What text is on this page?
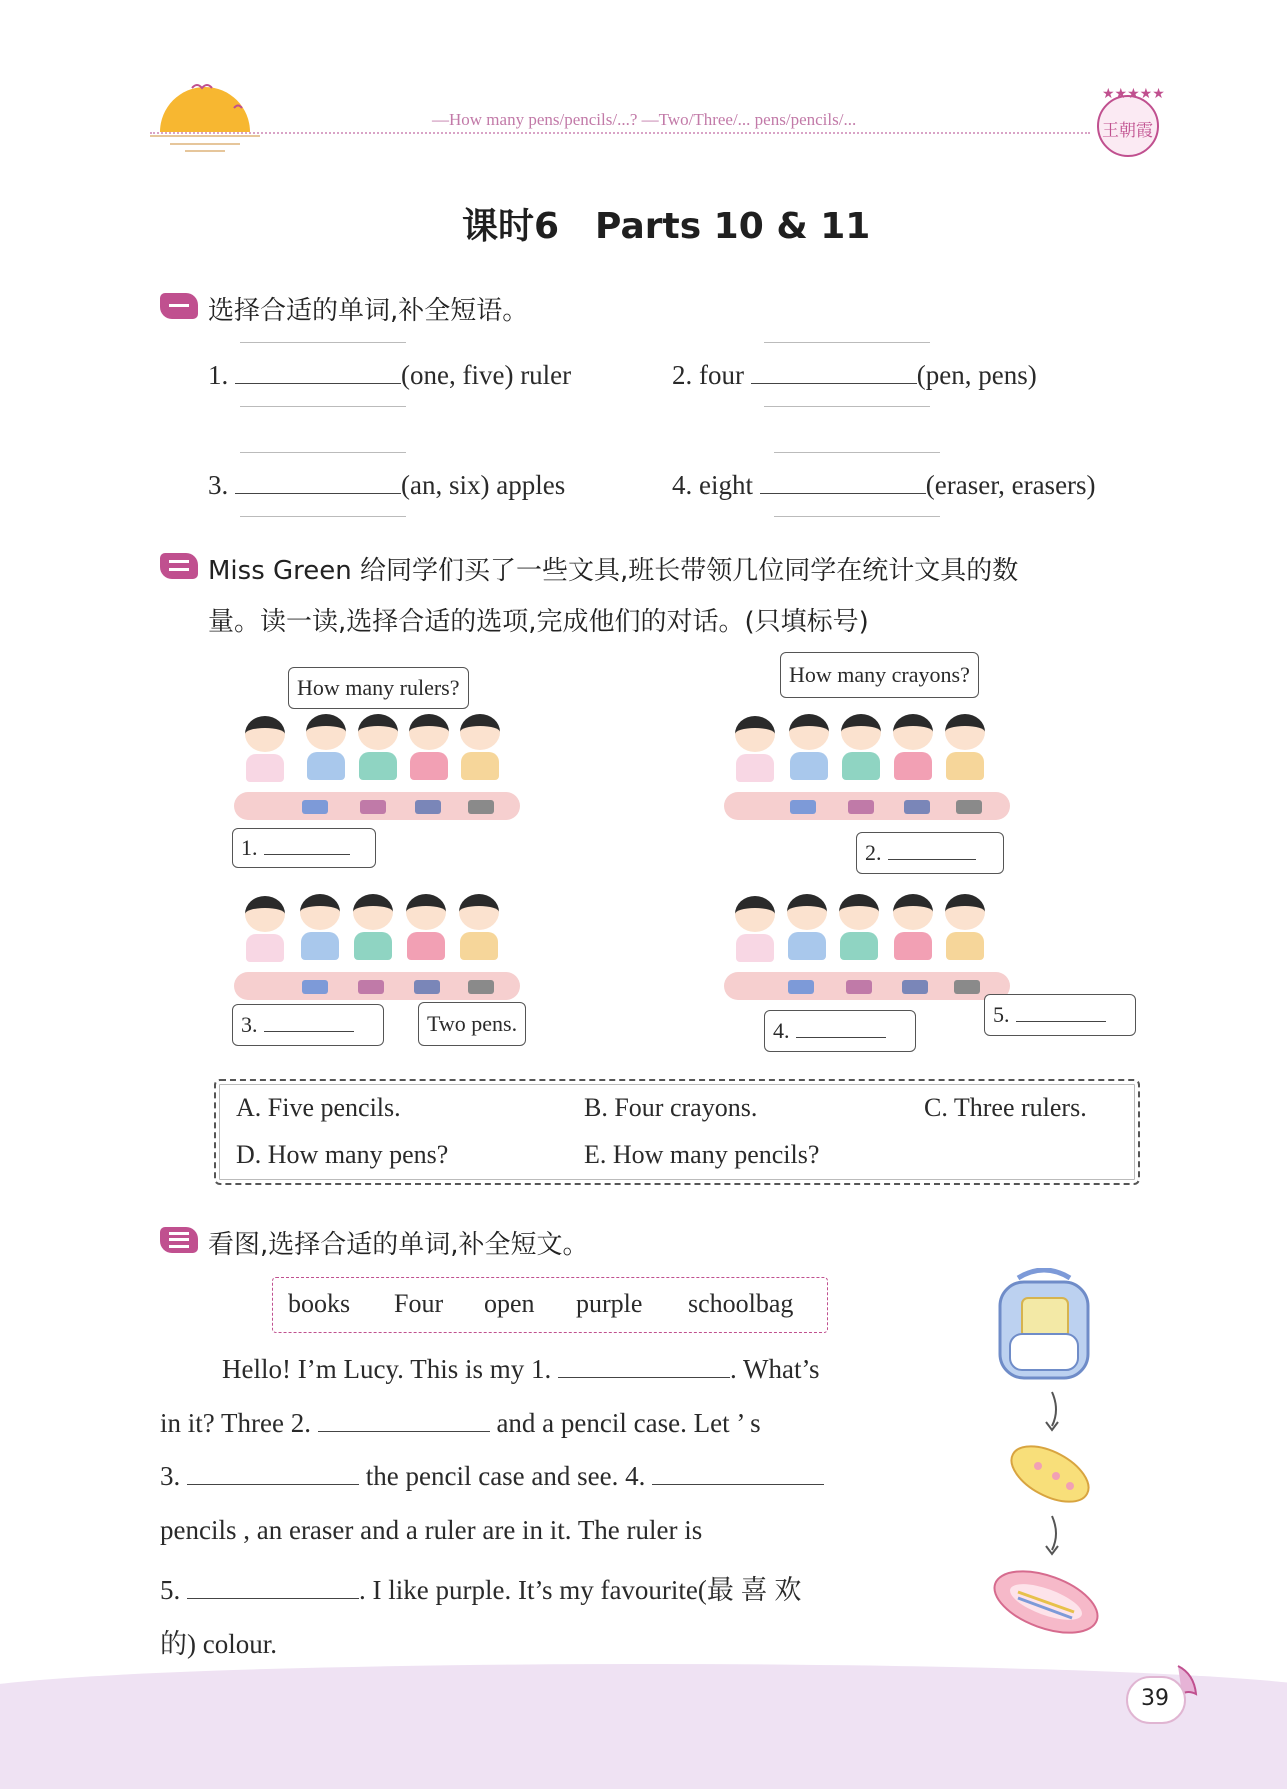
—How many pens/pencils/...? —Two/Three/... pens/pencils/...
★★★★★
王朝霞
课时6　Parts 10 & 11
选择合适的单词,补全短语。
1.	(one, five) ruler	2. four	(pen, pens)
3.	(an, six) apples	4. eight	(eraser, erasers)
Miss Green 给同学们买了一些文具,班长带领几位同学在统计文具的数
量。读一读,选择合适的选项,完成他们的对话。(只填标号)
How many rulers?
1.
How many crayons?
2.
3.	Two pens.	4.
5.
A. Five pencils.	B. Four crayons.	C. Three rulers.
D. How many pens?	E. How many pencils?
看图,选择合适的单词,补全短文。
books Four open purple schoolbag
Hello! I’m Lucy. This is my 1.	. What’s
in it? Three 2.	and a pencil case. Let ’ s
3.	the pencil case and see. 4.
pencils , an eraser and a ruler are in it. The ruler is
5.	. I like purple. It’s my favourite(最 喜 欢
的) colour.
39
